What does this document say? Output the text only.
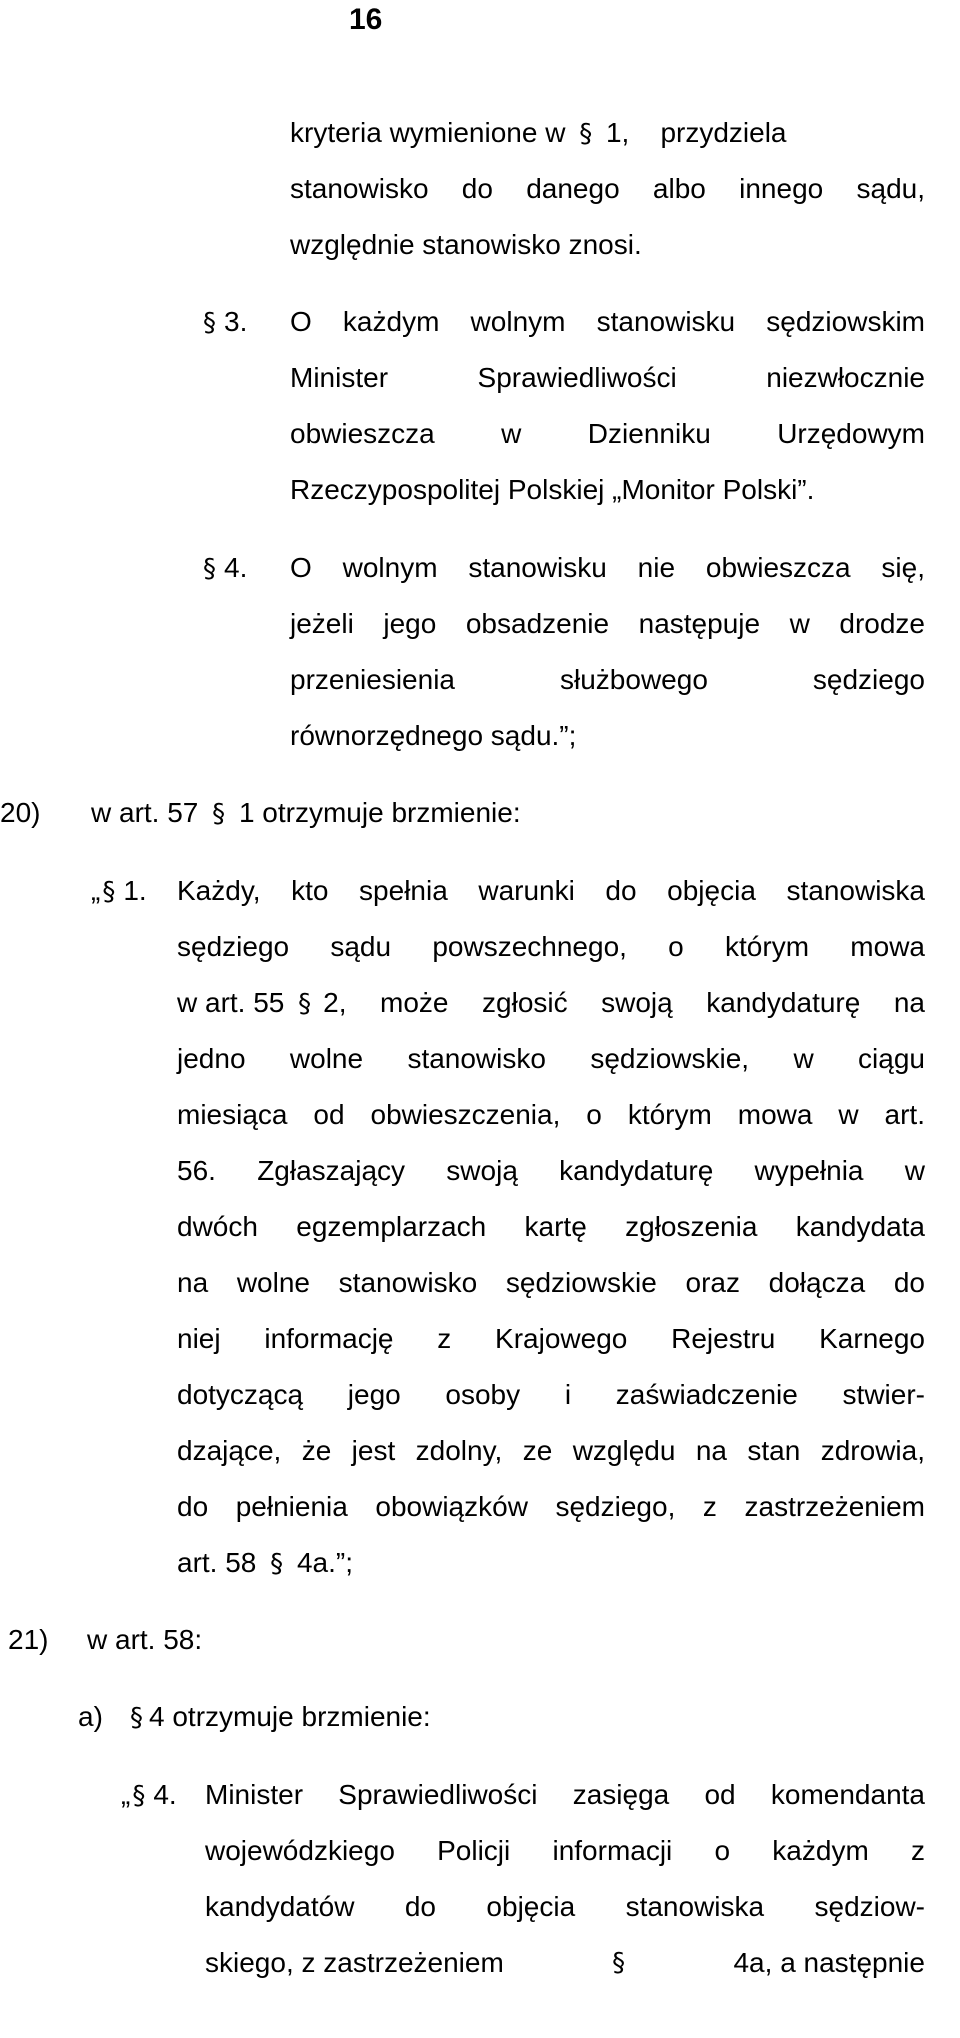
16
kryteria wymienione w § 1,    przydziela
stanowisko do danego albo innego sądu,
względnie stanowisko znosi.
§ 3. O każdym wolnym stanowisku sędziowskim
Minister Sprawiedliwości niezwłocznie
obwieszcza w Dzienniku Urzędowym
Rzeczypospolitej Polskiej „Monitor Polski”.
§ 4. O wolnym stanowisku nie obwieszcza się,
jeżeli jego obsadzenie następuje w drodze
przeniesienia służbowego sędziego
równorzędnego sądu.”;
20) w art. 57 § 1 otrzymuje brzmienie:
„§ 1. Każdy, kto spełnia warunki do objęcia stanowiska
sędziego sądu powszechnego, o którym mowa
w art. 55 § 2, może zgłosić swoją kandydaturę na
jedno wolne stanowisko sędziowskie, w ciągu
miesiąca od obwieszczenia, o którym mowa w art.
56. Zgłaszający swoją kandydaturę wypełnia w
dwóch egzemplarzach kartę zgłoszenia kandydata
na wolne stanowisko sędziowskie oraz dołącza do
niej informację z Krajowego Rejestru Karnego
dotyczącą jego osoby i zaświadczenie stwier-
dzające, że jest zdolny, ze względu na stan zdrowia,
do pełnienia obowiązków sędziego, z zastrzeżeniem
art. 58 § 4a.”;
21) w art. 58:
a) § 4 otrzymuje brzmienie:
„§ 4. Minister Sprawiedliwości zasięga od komendanta
wojewódzkiego Policji informacji o każdym z
kandydatów do objęcia stanowiska sędziow-
skiego, z zastrzeżeniem	§	4a, a następnie
